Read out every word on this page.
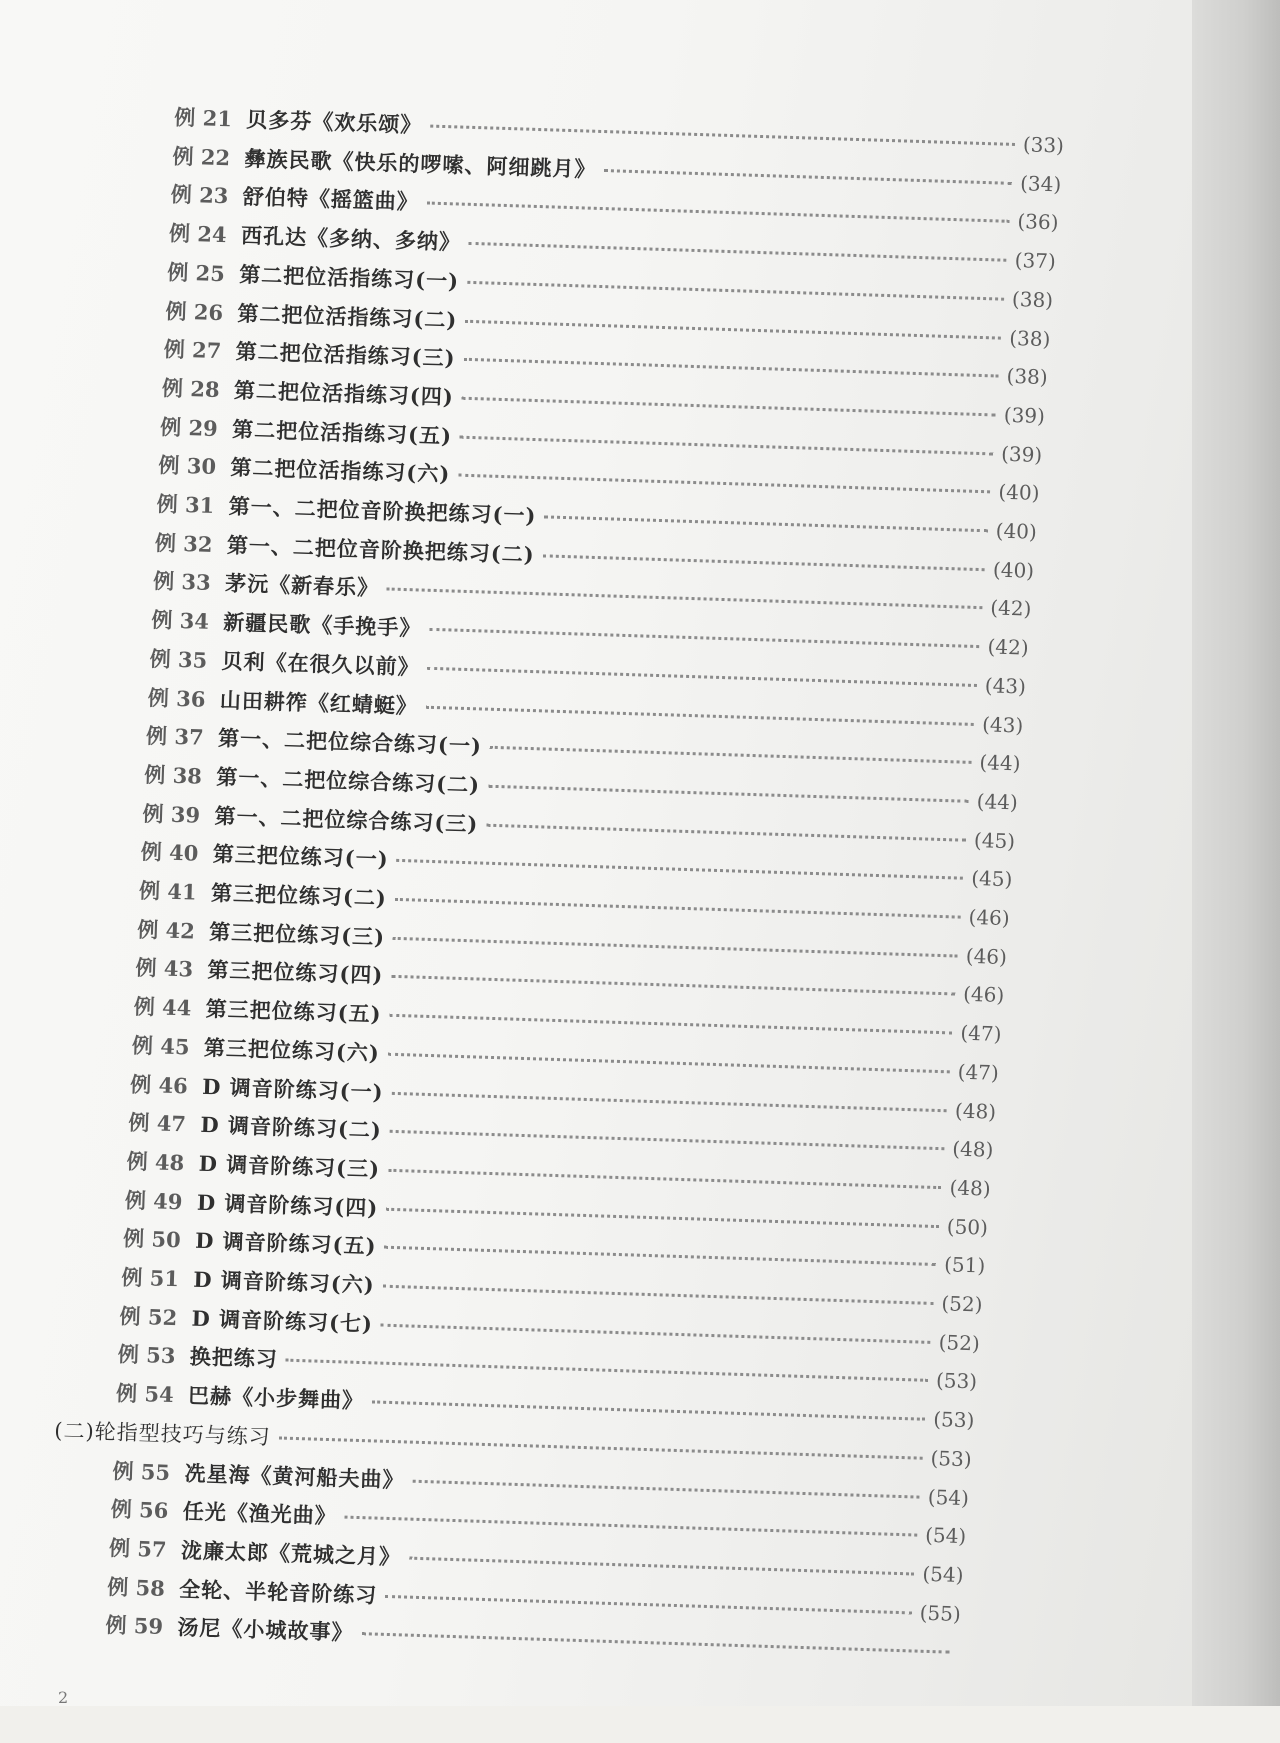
例 21 贝多芬《欢乐颂》
(33)
例 22 彝族民歌《快乐的啰嗦、阿细跳月》
(34)
例 23 舒伯特《摇篮曲》
(36)
例 24 西孔达《多纳、多纳》
(37)
例 25 第二把位活指练习(一)
(38)
例 26 第二把位活指练习(二)
(38)
例 27 第二把位活指练习(三)
(38)
例 28 第二把位活指练习(四)
(39)
例 29 第二把位活指练习(五)
(39)
例 30 第二把位活指练习(六)
(40)
例 31 第一、二把位音阶换把练习(一)
(40)
例 32 第一、二把位音阶换把练习(二)
(40)
例 33 茅沅《新春乐》
(42)
例 34 新疆民歌《手挽手》
(42)
例 35 贝利《在很久以前》
(43)
例 36 山田耕筰《红蜻蜓》
(43)
例 37 第一、二把位综合练习(一)
(44)
例 38 第一、二把位综合练习(二)
(44)
例 39 第一、二把位综合练习(三)
(45)
例 40 第三把位练习(一)
(45)
例 41 第三把位练习(二)
(46)
例 42 第三把位练习(三)
(46)
例 43 第三把位练习(四)
(46)
例 44 第三把位练习(五)
(47)
例 45 第三把位练习(六)
(47)
例 46 D 调音阶练习(一)
(48)
例 47 D 调音阶练习(二)
(48)
例 48 D 调音阶练习(三)
(48)
例 49 D 调音阶练习(四)
(50)
例 50 D 调音阶练习(五)
(51)
例 51 D 调音阶练习(六)
(52)
例 52 D 调音阶练习(七)
(52)
例 53 换把练习
(53)
例 54 巴赫《小步舞曲》
(53)
(二)轮指型技巧与练习
(53)
例 55 冼星海《黄河船夫曲》
(54)
例 56 任光《渔光曲》
(54)
例 57 泷廉太郎《荒城之月》
(54)
例 58 全轮、半轮音阶练习
(55)
例 59 汤尼《小城故事》
2
